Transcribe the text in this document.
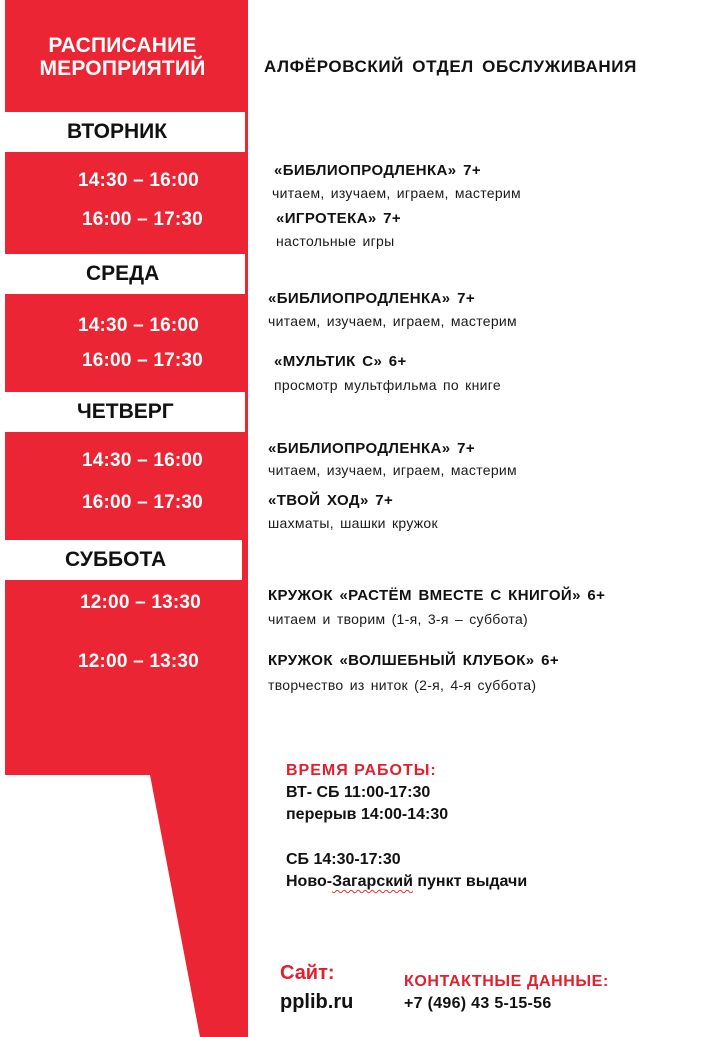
РАСПИСАНИЕ МЕРОПРИЯТИЙ	АЛФЁРОВСКИЙ ОТДЕЛ ОБСЛУЖИВАНИЯ
ВТОРНИК
СРЕДА
ЧЕТВЕРГ
СУББОТА
14:30 – 16:00
16:00 – 17:30
«БИБЛИОПРОДЛЕНКА» 7+
читаем, изучаем, играем, мастерим
«ИГРОТЕКА» 7+
настольные игры
14:30 – 16:00
16:00 – 17:30
«БИБЛИОПРОДЛЕНКА» 7+
читаем, изучаем, играем, мастерим
«МУЛЬТИК С» 6+
просмотр мультфильма по книге
14:30 – 16:00
16:00 – 17:30
«БИБЛИОПРОДЛЕНКА» 7+
читаем, изучаем, играем, мастерим
«ТВОЙ ХОД» 7+
шахматы, шашки кружок
12:00 – 13:30
12:00 – 13:30
КРУЖОК «РАСТЁМ ВМЕСТЕ С КНИГОЙ» 6+
читаем и творим (1-я, 3-я – суббота)
КРУЖОК «ВОЛШЕБНЫЙ КЛУБОК» 6+
творчество из ниток (2-я, 4-я суббота)
ВРЕМЯ РАБОТЫ:
ВТ- СБ 11:00-17:30
перерыв 14:00-14:30
СБ 14:30-17:30
Ново-Загарский пункт выдачи
Сайт:
pplib.ru
КОНТАКТНЫЕ ДАННЫЕ:
+7 (496) 43 5-15-56
